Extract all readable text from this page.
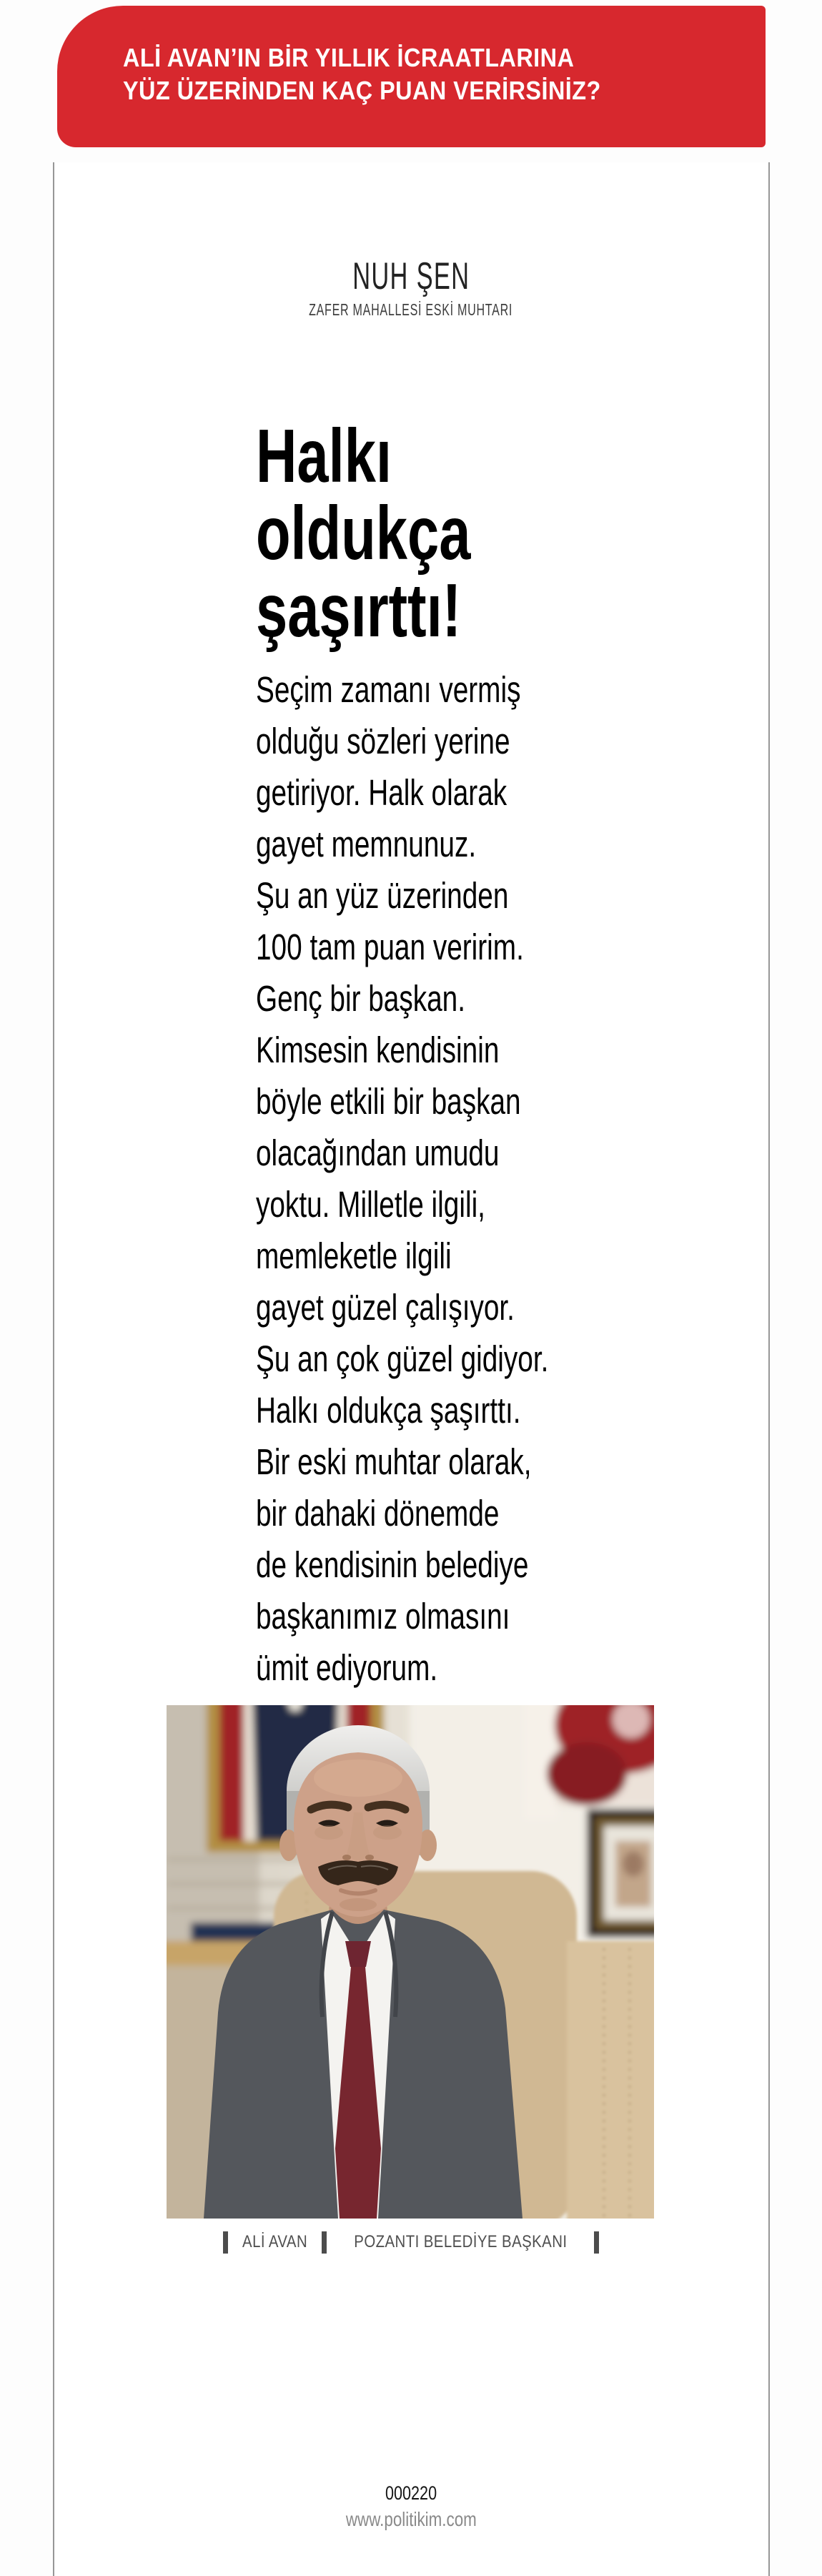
ALİ AVAN’IN BİR YILLIK İCRAATLARINA
YÜZ ÜZERİNDEN KAÇ PUAN VERİRSİNİZ?
NUH ŞEN
ZAFER MAHALLESİ ESKİ MUHTARI
Halkı
oldukça
şaşırttı!
Seçim zamanı vermiş
olduğu sözleri yerine
getiriyor. Halk olarak
gayet memnunuz.
Şu an yüz üzerinden
100 tam puan veririm.
Genç bir başkan.
Kimsesin kendisinin
böyle etkili bir başkan
olacağından umudu
yoktu. Milletle ilgili,
memleketle ilgili
gayet güzel çalışıyor.
Şu an çok güzel gidiyor.
Halkı oldukça şaşırttı.
Bir eski muhtar olarak,
bir dahaki dönemde
de kendisinin belediye
başkanımız olmasını
ümit ediyorum.
ALİ AVAN	POZANTI BELEDİYE BAŞKANI
000220
www.politikim.com
